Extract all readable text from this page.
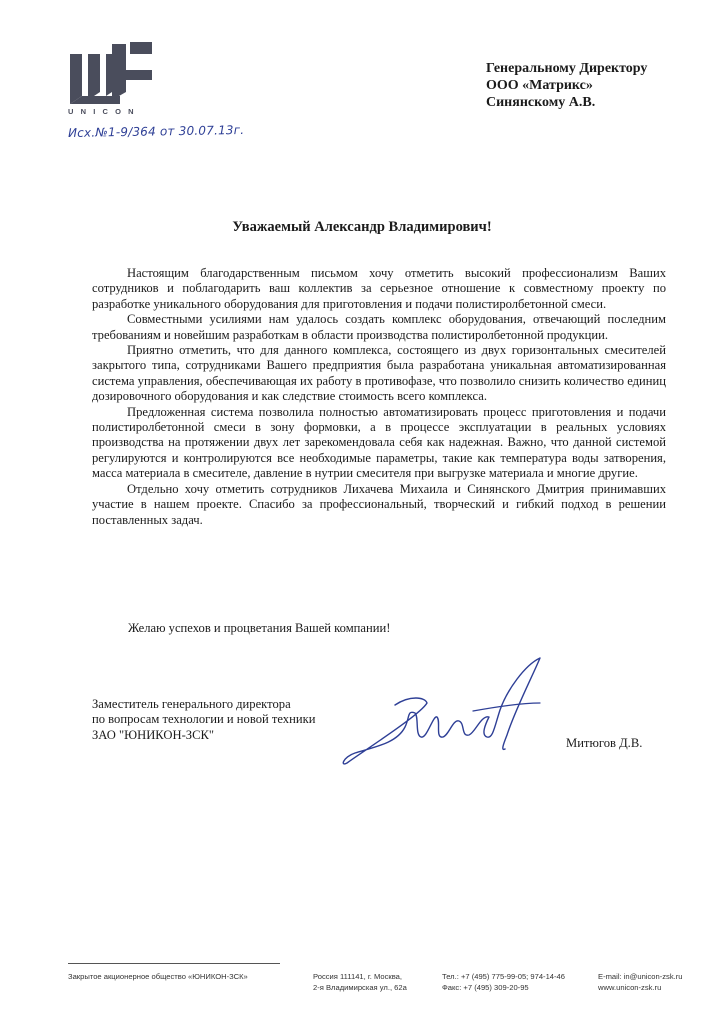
UNICON
Исх.№1-9/364 от 30.07.13г.
Генеральному Директору
ООО «Матрикс»
Синянскому А.В.
Уважаемый Александр Владимирович!

Настоящим благодарственным письмом хочу отметить высокий профессионализм Ваших сотрудников и поблагодарить ваш коллектив за серьезное отношение к совместному проекту по разработке уникального оборудования для приготовления и подачи полистиролбетонной смеси.

Совместными усилиями нам удалось создать комплекс оборудования, отвечающий последним требованиям и новейшим разработкам в области производства полистиролбетонной продукции.

Приятно отметить, что для данного комплекса, состоящего из двух горизонтальных смесителей закрытого типа, сотрудниками Вашего предприятия была разработана уникальная автоматизированная система управления, обеспечивающая их работу в противофазе, что позволило снизить количество единиц дозировочного оборудования и как следствие стоимость всего комплекса.

Предложенная система позволила полностью автоматизировать процесс приготовления и подачи полистиролбетонной смеси в зону формовки, а в процессе эксплуатации в реальных условиях производства на протяжении двух лет зарекомендовала себя как надежная. Важно, что данной системой регулируются и контролируются все необходимые параметры, такие как температура воды затворения, масса материала в смесителе, давление в нутрии смесителя при выгрузке материала и многие другие.

Отдельно хочу отметить сотрудников Лихачева Михаила и Синянского Дмитрия принимавших участие в нашем проекте. Спасибо за профессиональный, творческий и гибкий подход в решении поставленных задач.

Желаю успехов и процветания Вашей компании!
Заместитель генерального директора
по вопросам технологии и новой техники
ЗАО "ЮНИКОН-ЗСК"
Митюгов Д.В.
Закрытое акционерное общество «ЮНИКОН-ЗСК»	Россия 111141, г. Москва,
2-я Владимирская ул., 62а
Тел.: +7 (495) 775-99-05; 974-14-46
Факс: +7 (495) 309-20-95
E-mail: in@unicon-zsk.ru
www.unicon-zsk.ru
